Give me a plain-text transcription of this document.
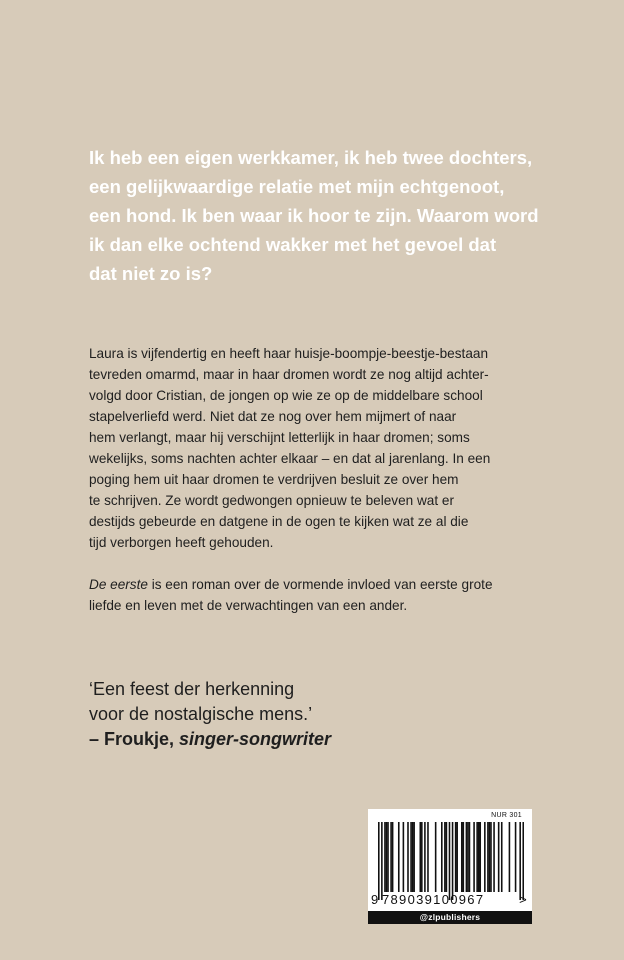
Ik heb een eigen werkkamer, ik heb twee dochters,
een gelijkwaardige relatie met mijn echtgenoot,
een hond. Ik ben waar ik hoor te zijn. Waarom word
ik dan elke ochtend wakker met het gevoel dat
dat niet zo is?

Laura is vijfendertig en heeft haar huisje-boompje-beestje-bestaan
tevreden omarmd, maar in haar dromen wordt ze nog altijd achter-
volgd door Cristian, de jongen op wie ze op de middelbare school
stapelverliefd werd. Niet dat ze nog over hem mijmert of naar
hem verlangt, maar hij verschijnt letterlijk in haar dromen; soms
wekelijks, soms nachten achter elkaar – en dat al jarenlang. In een
poging hem uit haar dromen te verdrijven besluit ze over hem
te schrijven. Ze wordt gedwongen opnieuw te beleven wat er
destijds gebeurde en datgene in de ogen te kijken wat ze al die
tijd verborgen heeft gehouden.

De eerste is een roman over de vormende invloed van eerste grote
liefde en leven met de verwachtingen van een ander.

‘Een feest der herkenning
voor de nostalgische mens.’
– Froukje, singer-songwriter
NUR 301
9 789039100967	>
@zlpublishers
